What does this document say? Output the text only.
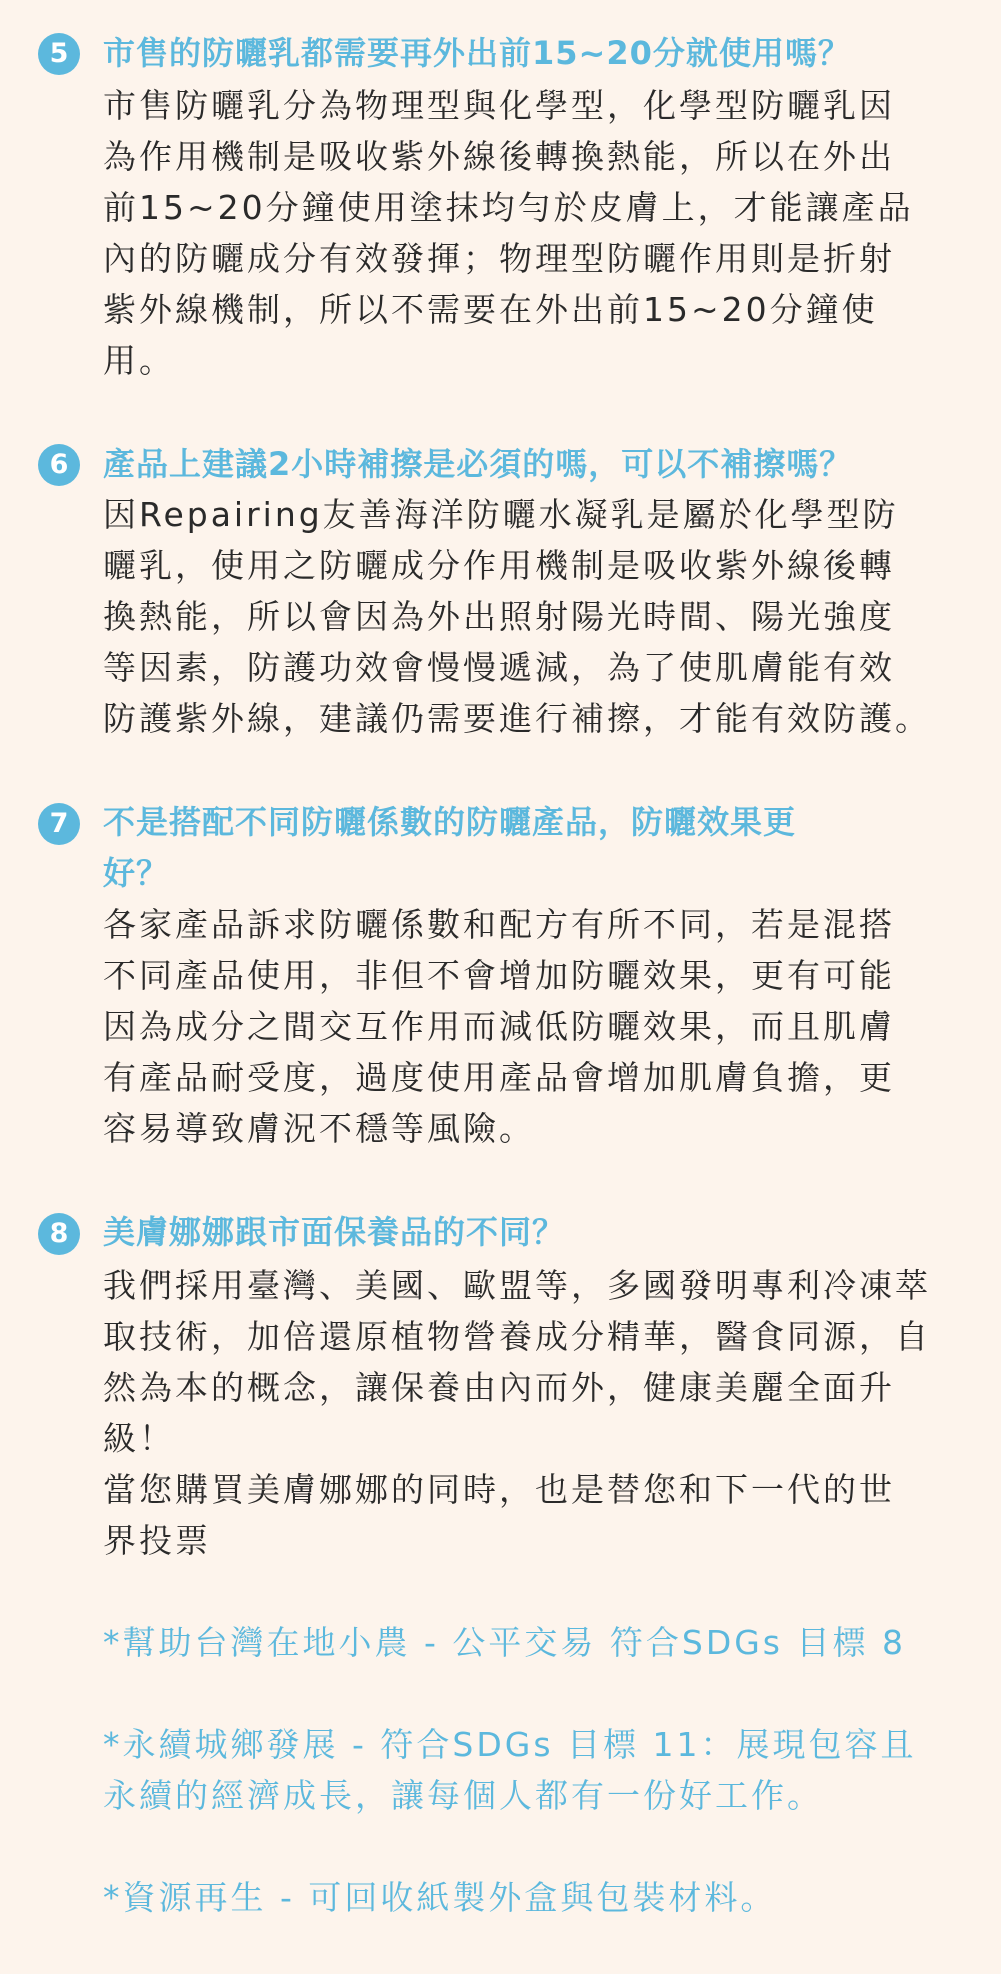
5	市售的防曬乳都需要再外出前15~20分就使用嗎？

市售防曬乳分為物理型與化學型，化學型防曬乳因
為作用機制是吸收紫外線後轉換熱能，所以在外出
前15~20分鐘使用塗抹均勻於皮膚上，才能讓產品
內的防曬成分有效發揮；物理型防曬作用則是折射
紫外線機制，所以不需要在外出前15~20分鐘使
用。

6	產品上建議2小時補擦是必須的嗎，可以不補擦嗎？

因Repairing友善海洋防曬水凝乳是屬於化學型防
曬乳，使用之防曬成分作用機制是吸收紫外線後轉
換熱能，所以會因為外出照射陽光時間、陽光強度
等因素，防護功效會慢慢遞減，為了使肌膚能有效
防護紫外線，建議仍需要進行補擦，才能有效防護。

7	不是搭配不同防曬係數的防曬產品，防曬效果更
好？

各家產品訴求防曬係數和配方有所不同，若是混搭
不同產品使用，非但不會增加防曬效果，更有可能
因為成分之間交互作用而減低防曬效果，而且肌膚
有產品耐受度，過度使用產品會增加肌膚負擔，更
容易導致膚況不穩等風險。

8	美膚娜娜跟市面保養品的不同？

我們採用臺灣、美國、歐盟等，多國發明專利冷凍萃
取技術，加倍還原植物營養成分精華，醫食同源，自
然為本的概念，讓保養由內而外，健康美麗全面升
級！

當您購買美膚娜娜的同時，也是替您和下一代的世
界投票

*幫助台灣在地小農 - 公平交易 符合SDGs 目標 8

*永續城鄉發展 - 符合SDGs 目標 11：展現包容且
永續的經濟成長，讓每個人都有一份好工作。

*資源再生 - 可回收紙製外盒與包裝材料。
